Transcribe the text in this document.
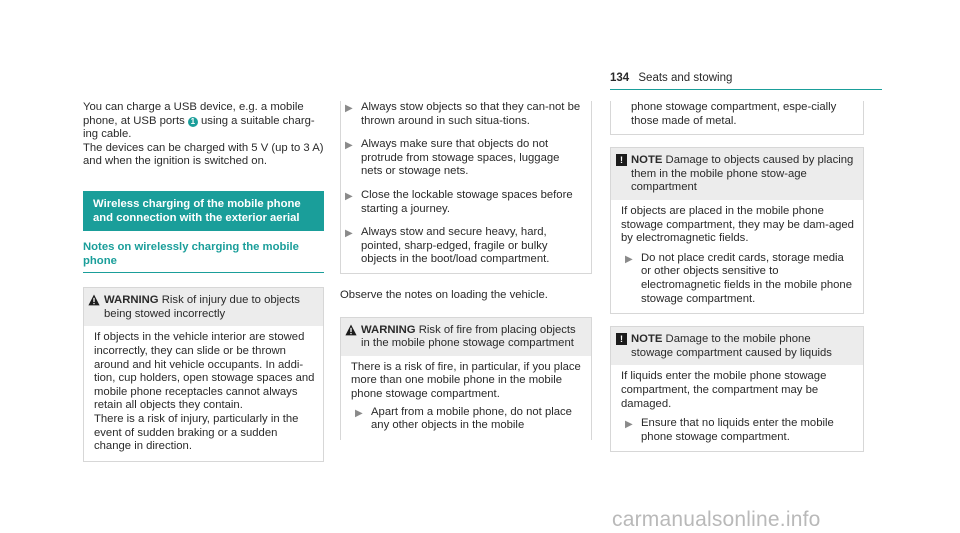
134 Seats and stowing

You can charge a USB device, e.g. a mobile phone, at USB ports 1 using a suitable charg-ing cable.

The devices can be charged with 5 V (up to 3 A) and when the ignition is switched on.

Wireless charging of the mobile phone and connection with the exterior aerial
Notes on wirelessly charging the mobile phone
WARNING Risk of injury due to objects being stowed incorrectly

If objects in the vehicle interior are stowed incorrectly, they can slide or be thrown around and hit vehicle occupants. In addi-tion, cup holders, open stowage spaces and mobile phone receptacles cannot always retain all objects they contain.

There is a risk of injury, particularly in the event of sudden braking or a sudden change in direction.

▶ Always stow objects so that they can-not be thrown around in such situa-tions.
▶ Always make sure that objects do not protrude from stowage spaces, luggage nets or stowage nets.
▶ Close the lockable stowage spaces before starting a journey.
▶ Always stow and secure heavy, hard, pointed, sharp-edged, fragile or bulky objects in the boot/load compartment.

Observe the notes on loading the vehicle.

WARNING Risk of fire from placing objects in the mobile phone stowage compartment

There is a risk of fire, in particular, if you place more than one mobile phone in the mobile phone stowage compartment.

▶ Apart from a mobile phone, do not place any other objects in the mobile

phone stowage compartment, espe-cially those made of metal.

! NOTE Damage to objects caused by placing them in the mobile phone stow-age compartment

If objects are placed in the mobile phone stowage compartment, they may be dam-aged by electromagnetic fields.

▶ Do not place credit cards, storage media or other objects sensitive to electromagnetic fields in the mobile phone stowage compartment.
! NOTE Damage to the mobile phone stowage compartment caused by liquids

If liquids enter the mobile phone stowage compartment, the compartment may be damaged.

▶ Ensure that no liquids enter the mobile phone stowage compartment.
carmanualsonline.info
